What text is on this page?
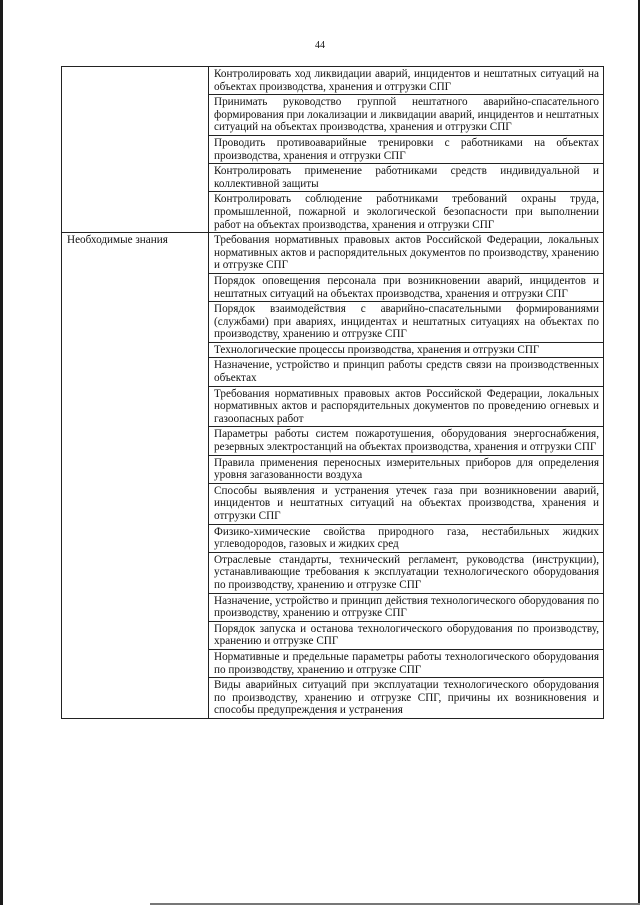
44
	Контролировать ход ликвидации аварий, инцидентов и нештатных ситуаций на объектах производства, хранения и отгрузки СПГ
	Принимать руководство группой нештатного аварийно-спасательного формирования при локализации и ликвидации аварий, инцидентов и нештатных ситуаций на объектах производства, хранения и отгрузки СПГ
	Проводить противоаварийные тренировки с работниками на объектах производства, хранения и отгрузки СПГ
	Контролировать применение работниками средств индивидуальной и коллективной защиты
	Контролировать соблюдение работниками требований охраны труда, промышленной, пожарной и экологической безопасности при выполнении работ на объектах производства, хранения и отгрузки СПГ
Необходимые знания	Требования нормативных правовых актов Российской Федерации, локальных нормативных актов и распорядительных документов по производству, хранению и отгрузке СПГ
	Порядок оповещения персонала при возникновении аварий, инцидентов и нештатных ситуаций на объектах производства, хранения и отгрузки СПГ
	Порядок взаимодействия с аварийно-спасательными формированиями (службами) при авариях, инцидентах и нештатных ситуациях на объектах по производству, хранению и отгрузке СПГ
	Технологические процессы производства, хранения и отгрузки СПГ
	Назначение, устройство и принцип работы средств связи на производственных объектах
	Требования нормативных правовых актов Российской Федерации, локальных нормативных актов и распорядительных документов по проведению огневых и газоопасных работ
	Параметры работы систем пожаротушения, оборудования энергоснабжения, резервных электростанций на объектах производства, хранения и отгрузки СПГ
	Правила применения переносных измерительных приборов для определения уровня загазованности воздуха
	Способы выявления и устранения утечек газа при возникновении аварий, инцидентов и нештатных ситуаций на объектах производства, хранения и отгрузки СПГ
	Физико-химические свойства природного газа, нестабильных жидких углеводородов, газовых и жидких сред
	Отраслевые стандарты, технический регламент, руководства (инструкции), устанавливающие требования к эксплуатации технологического оборудования по производству, хранению и отгрузке СПГ
	Назначение, устройство и принцип действия технологического оборудования по производству, хранению и отгрузке СПГ
	Порядок запуска и останова технологического оборудования по производству, хранению и отгрузке СПГ
	Нормативные и предельные параметры работы технологического оборудования по производству, хранению и отгрузке СПГ
	Виды аварийных ситуаций при эксплуатации технологического оборудования по производству, хранению и отгрузке СПГ, причины их возникновения и способы предупреждения и устранения
